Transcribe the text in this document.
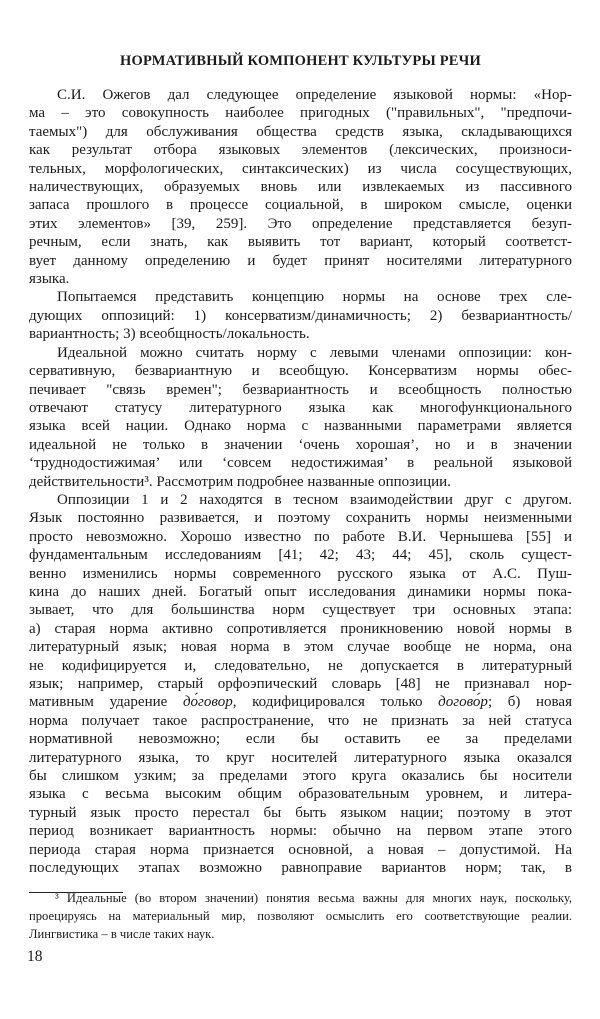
НОРМАТИВНЫЙ КОМПОНЕНТ КУЛЬТУРЫ РЕЧИ
С.И. Ожегов дал следующее определение языковой нормы: «Нор-
ма – это совокупность наиболее пригодных ("правильных", "предпочи-
таемых") для обслуживания общества средств языка, складывающихся
как результат отбора языковых элементов (лексических, произноси-
тельных, морфологических, синтаксических) из числа сосуществующих,
наличествующих, образуемых вновь или извлекаемых из пассивного
запаса прошлого в процессе социальной, в широком смысле, оценки
этих элементов» [39, 259]. Это определение представляется безуп-
речным, если знать, как выявить тот вариант, который соответст-
вует данному определению и будет принят носителями литературного
языка.
Попытаемся представить концепцию нормы на основе трех сле-
дующих оппозиций: 1) консерватизм/динамичность; 2) безвариантность/
вариантность; 3) всеобщность/локальность.
Идеальной можно считать норму с левыми членами оппозиции: кон-
сервативную, безвариантную и всеобщую. Консерватизм нормы обес-
печивает "связь времен"; безвариантность и всеобщность полностью
отвечают статусу литературного языка как многофункционального
языка всей нации. Однако норма с названными параметрами является
идеальной не только в значении ‘очень хорошая’, но и в значении
‘труднодостижимая’ или ‘совсем недостижимая’ в реальной языковой
действительности³. Рассмотрим подробнее названные оппозиции.
Оппозиции 1 и 2 находятся в тесном взаимодействии друг с другом.
Язык постоянно развивается, и поэтому сохранить нормы неизменными
просто невозможно. Хорошо известно по работе В.И. Чернышева [55] и
фундаментальным исследованиям [41; 42; 43; 44; 45], сколь сущест-
венно изменились нормы современного русского языка от А.С. Пуш-
кина до наших дней. Богатый опыт исследования динамики нормы пока-
зывает, что для большинства норм существует три основных этапа:
а) старая норма активно сопротивляется проникновению новой нормы в
литературный язык; новая норма в этом случае вообще не норма, она
не кодифицируется и, следовательно, не допускается в литературный
язык; например, старый орфоэпический словарь [48] не признавал нор-
мативным ударение до́говор, кодифицировался только догово́р; б) новая
норма получает такое распространение, что не признать за ней статуса
нормативной невозможно; если бы оставить ее за пределами
литературного языка, то круг носителей литературного языка оказался
бы слишком узким; за пределами этого круга оказались бы носители
языка с весьма высоким общим образовательным уровнем, и литера-
турный язык просто перестал бы быть языком нации; поэтому в этот
период возникает вариантность нормы: обычно на первом этапе этого
периода старая норма признается основной, а новая – допустимой. На
последующих этапах возможно равноправие вариантов норм; так, в
³ Идеальные (во втором значении) понятия весьма важны для многих наук, поскольку,
проецируясь на материальный мир, позволяют осмыслить его соответствующие реалии.
Лингвистика – в числе таких наук.
18
